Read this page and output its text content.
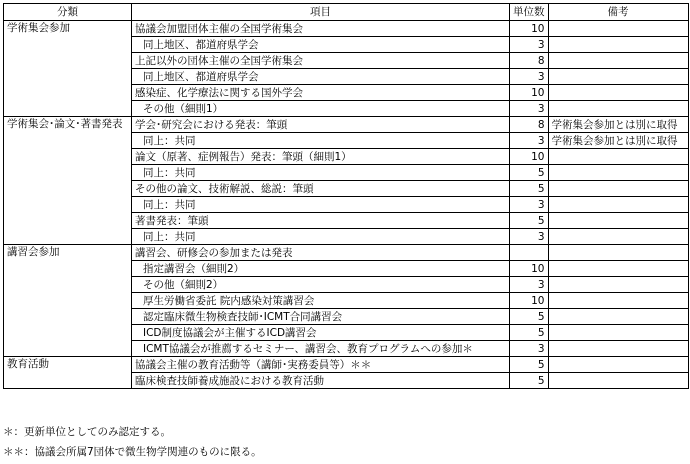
分類	項目	単位数	備考
学術集会参加	協議会加盟団体主催の全国学術集会	10	
	同上地区、都道府県学会	3	
	上記以外の団体主催の全国学術集会	8	
	同上地区、都道府県学会	3	
	感染症、化学療法に関する国外学会	10	
	その他（細則1）	3	
学術集会･論文･著書発表	学会･研究会における発表：筆頭	8	学術集会参加とは別に取得
	同上：共同	3	学術集会参加とは別に取得
	論文（原著、症例報告）発表：筆頭（細則1）	10	
	同上：共同	5	
	その他の論文、技術解説、総説：筆頭	5	
	同上：共同	3	
	著書発表：筆頭	5	
	同上：共同	3	
講習会参加	講習会、研修会の参加または発表		
	指定講習会（細則2）	10	
	その他（細則2）	3	
	厚生労働省委託 院内感染対策講習会	10	
	認定臨床微生物検査技師･ICMT合同講習会	5	
	ICD制度協議会が主催するICD講習会	5	
	ICMT協議会が推薦するセミナー、講習会、教育プログラムへの参加＊	3	
教育活動	協議会主催の教育活動等（講師･実務委員等）＊＊	5	
	臨床検査技師養成施設における教育活動	5	
＊：更新単位としてのみ認定する。
＊＊：協議会所属7団体で微生物学関連のものに限る。
